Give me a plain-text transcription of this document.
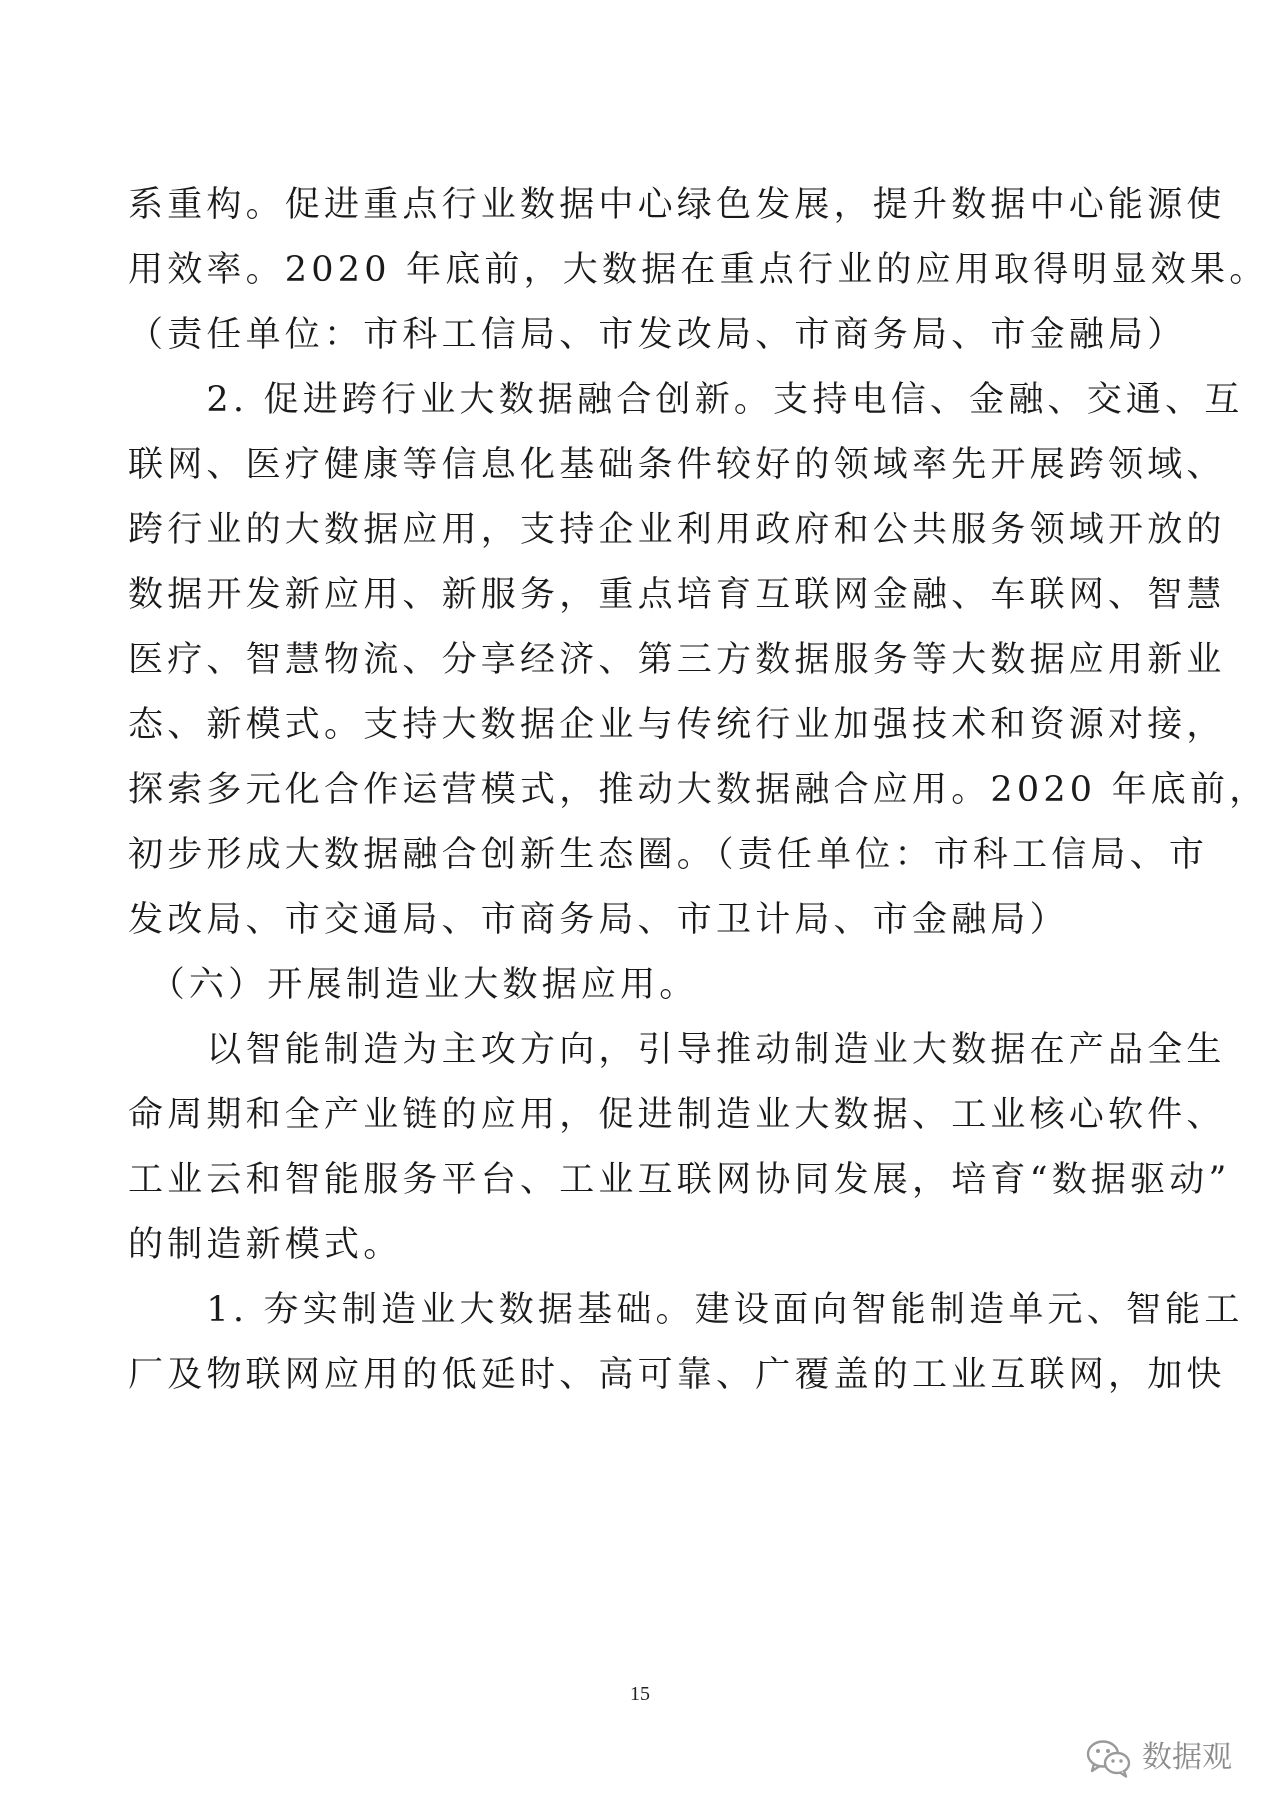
系重构。促进重点行业数据中心绿色发展，提升数据中心能源使
用效率。2020 年底前，大数据在重点行业的应用取得明显效果。
（责任单位：市科工信局、市发改局、市商务局、市金融局）
　　2. 促进跨行业大数据融合创新。支持电信、金融、交通、互
联网、医疗健康等信息化基础条件较好的领域率先开展跨领域、
跨行业的大数据应用，支持企业利用政府和公共服务领域开放的
数据开发新应用、新服务，重点培育互联网金融、车联网、智慧
医疗、智慧物流、分享经济、第三方数据服务等大数据应用新业
态、新模式。支持大数据企业与传统行业加强技术和资源对接，
探索多元化合作运营模式，推动大数据融合应用。2020 年底前，
初步形成大数据融合创新生态圈。（责任单位：市科工信局、市
发改局、市交通局、市商务局、市卫计局、市金融局）
　（六）开展制造业大数据应用。
　　以智能制造为主攻方向，引导推动制造业大数据在产品全生
命周期和全产业链的应用，促进制造业大数据、工业核心软件、
工业云和智能服务平台、工业互联网协同发展，培育“数据驱动”
的制造新模式。
　　1. 夯实制造业大数据基础。建设面向智能制造单元、智能工
厂及物联网应用的低延时、高可靠、广覆盖的工业互联网，加快
15
数据观
